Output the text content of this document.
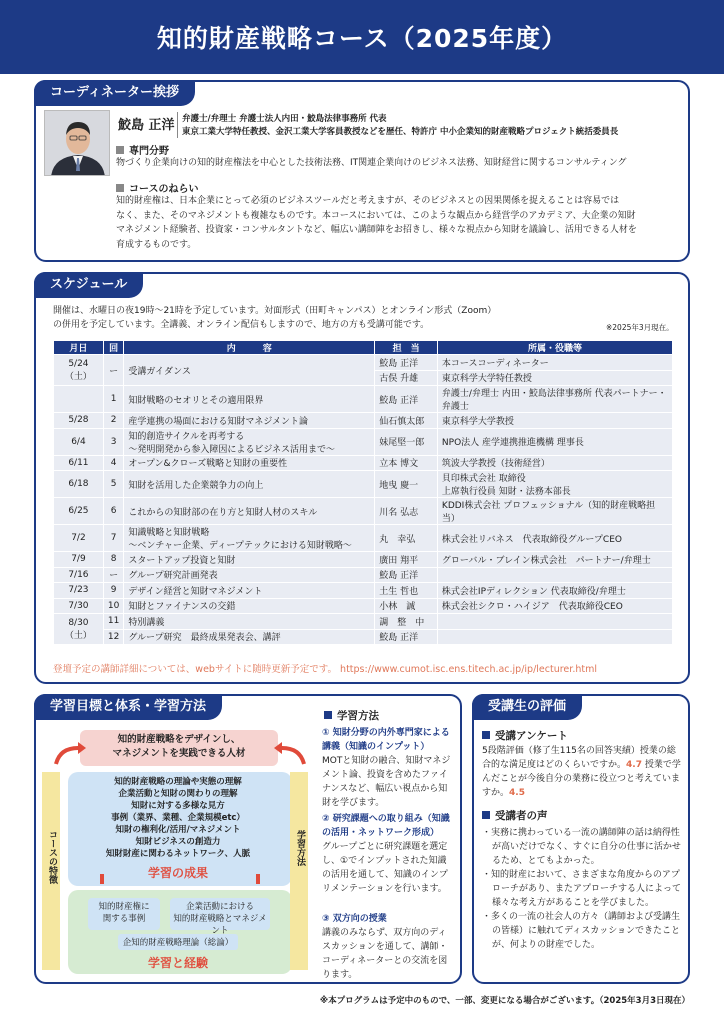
知的財産戦略コース（2025年度）
コーディネーター挨拶
鮫島 正洋 弁護士/弁理士 弁護士法人内田・鮫島法律事務所 代表
東京工業大学特任教授、金沢工業大学客員教授などを歴任、特許庁 中小企業知的財産戦略プロジェクト統括委員長
専門分野
物づくり企業向けの知的財産権法を中心とした技術法務、IT関連企業向けのビジネス法務、知財経営に関するコンサルティング
コースのねらい
知的財産権は、日本企業にとって必須のビジネスツールだと考えますが、そのビジネスとの因果関係を捉えることは容易では
なく、また、そのマネジメントも複雑なものです。本コースにおいては、このような観点から経営学のアカデミア、大企業の知財
マネジメント経験者、投資家・コンサルタントなど、幅広い講師陣をお招きし、様々な視点から知財を議論し、活用できる人材を
育成するものです。
スケジュール
開催は、水曜日の夜19時〜21時を予定しています。対面形式（田町キャンパス）とオンライン形式（Zoom）
の併用を予定しています。全講義、オンライン配信もしますので、地方の方も受講可能です。	※2025年3月現在。
月日	回	内　　　容	担　当	所属・役職等
5/24（土）	ー	受講ガイダンス	鮫島 正洋	本コースコーディネーター
			古俣 升雄	東京科学大学特任教授
	1	知財戦略のセオリとその適用限界	鮫島 正洋	弁護士/弁理士 内田・鮫島法律事務所 代表パートナー・弁護士
5/28	2	産学連携の場面における知財マネジメント論	仙石慎太郎	東京科学大学教授
6/4	3	知的創造サイクルを再考する
〜発明開発から参入障因によるビジネス活用まで〜	妹尾堅一郎	NPO法人 産学連携推進機構 理事長
6/11	4	オープン&クローズ戦略と知財の重要性	立本 博文	筑波大学教授（技術経営）
6/18	5	知財を活用した企業競争力の向上	地曳 慶一	貝印株式会社 取締役
上席執行役員 知財・法務本部長
6/25	6	これからの知財部の在り方と知財人材のスキル	川名 弘志	KDDI株式会社 プロフェッショナル（知的財産戦略担当）
7/2	7	知識戦略と知財戦略
〜ベンチャー企業、ディープテックにおける知財戦略〜	丸　幸弘	株式会社リバネス　代表取締役グループCEO
7/9	8	スタートアップ投資と知財	廣田 翔平	グローバル・ブレイン株式会社　パートナー/弁理士
7/16	ー	グループ研究計画発表	鮫島 正洋	
7/23	9	デザイン経営と知財マネジメント	土生 哲也	株式会社IPディレクション 代表取締役/弁理士
7/30	10	知財とファイナンスの交錯	小林　誠	株式会社シクロ・ハイジア　代表取締役CEO
8/30（土）	11	特別講義	調　整　中	
	12	グループ研究　最終成果発表会、講評	鮫島 正洋	
登壇予定の講師詳細については、webサイトに随時更新予定です。 https://www.cumot.isc.ens.titech.ac.jp/ip/lecturer.html
学習目標と体系・学習方法
知的財産戦略をデザインし、
マネジメントを実践できる人材
コースの特徴	学習方法
知的財産戦略の理論や実態の理解
企業活動と知財の関わりの理解
知財に対する多様な見方
事例（業界、業種、企業規模etc）
知財の権利化/活用/マネジメント
知財ビジネスの創造力
知財財産に関わるネットワーク、人脈
学習の成果
知的財産権に
関する事例
企業活動における
知的財産戦略とマネジメント
企知的財産戦略理論（総論）
学習と経験
学習方法
① 知財分野の内外専門家による講義（知識のインプット）
MOTと知財の融合、知財マネジメント論、投資を含めたファイナンスなど、幅広い視点から知財を学びます。
② 研究課題への取り組み（知識の活用・ネットワーク形成）
グループごとに研究課題を選定し、①でインプットされた知識の活用を通して、知識のインプリメンテーションを行います。
③ 双方向の授業
講義のみならず、双方向のディスカッションを通して、講師・コーディネーターとの交流を図ります。
受講生の評価
受講アンケート
5段階評価（修了生115名の回答実績）授業の総合的な満足度はどのくらいですか。4.7 授業で学んだことが今後自分の業務に役立つと考えていますか。4.5
受講者の声
・実務に携わっている一流の講師陣の話は納得性が高いだけでなく、すぐに自分の仕事に活かせるため、とてもよかった。
・知的財産において、さまざまな角度からのアプローチがあり、またアプローチする人によって様々な考え方があることを学びました。
・多くの一流の社会人の方々（講師および受講生の皆様）に触れてディスカッションできたことが、何よりの財産でした。
※本プログラムは予定中のもので、一部、変更になる場合がございます。（2025年3月3日現在）
